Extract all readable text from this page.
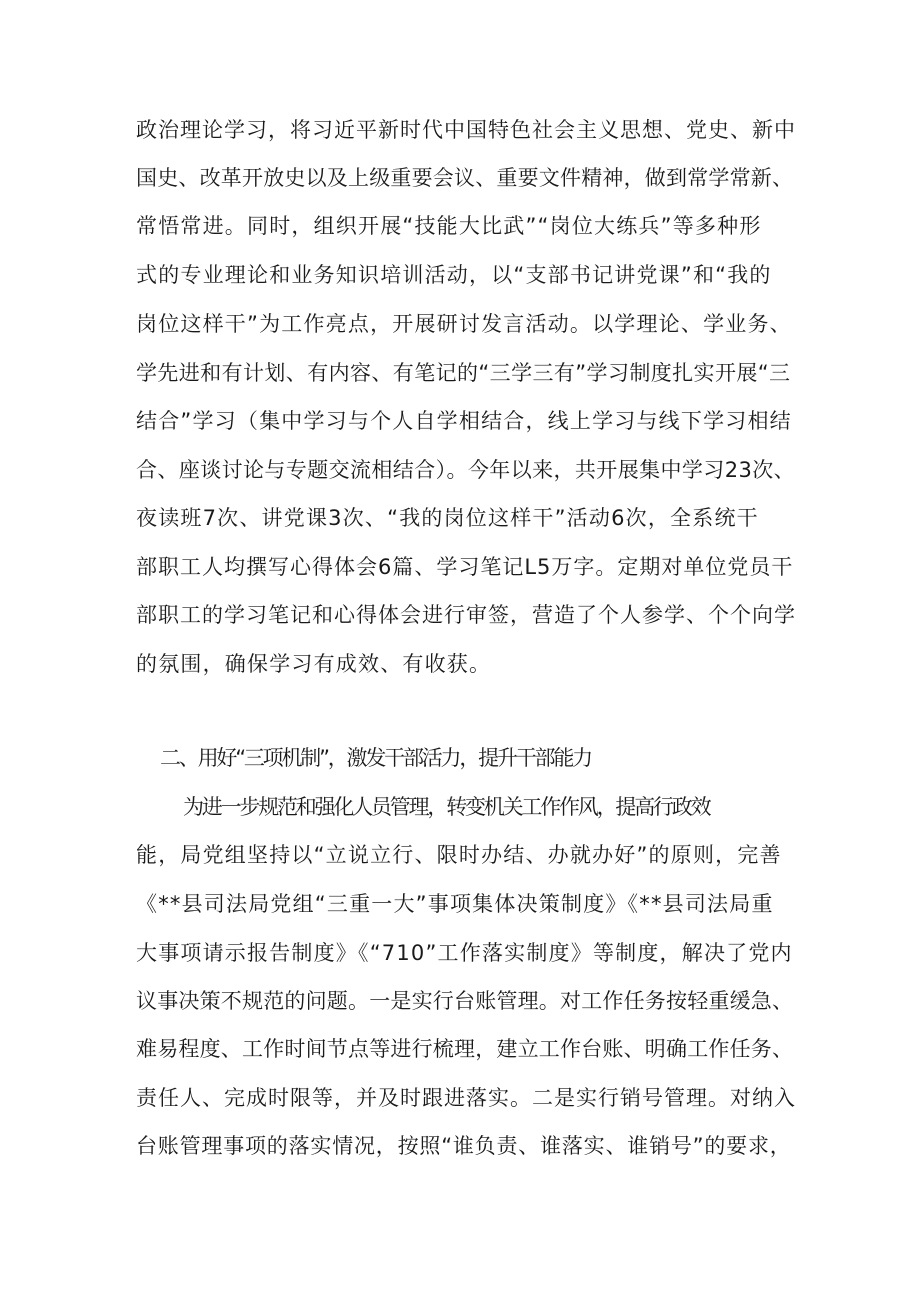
政治理论学习，将习近平新时代中国特色社会主义思想、党史、新中
国史、改革开放史以及上级重要会议、重要文件精神，做到常学常新、
常悟常进。同时，组织开展“技能大比武”“岗位大练兵”等多种形
式的专业理论和业务知识培训活动，以“支部书记讲党课”和“我的
岗位这样干”为工作亮点，开展研讨发言活动。以学理论、学业务、
学先进和有计划、有内容、有笔记的“三学三有”学习制度扎实开展“三
结合”学习（集中学习与个人自学相结合，线上学习与线下学习相结
合、座谈讨论与专题交流相结合）。今年以来，共开展集中学习23次、
夜读班7次、讲党课3次、“我的岗位这样干”活动6次，全系统干
部职工人均撰写心得体会6篇、学习笔记L5万字。定期对单位党员干
部职工的学习笔记和心得体会进行审签，营造了个人参学、个个向学
的氛围，确保学习有成效、有收获。
二、用好“三项机制”，激发干部活力，提升干部能力
为进一步规范和强化人员管理，转变机关工作作风，提高行政效
能，局党组坚持以“立说立行、限时办结、办就办好”的原则，完善
《**县司法局党组“三重一大”事项集体决策制度》《**县司法局重
大事项请示报告制度》《“710”工作落实制度》等制度，解决了党内
议事决策不规范的问题。一是实行台账管理。对工作任务按轻重缓急、
难易程度、工作时间节点等进行梳理，建立工作台账、明确工作任务、
责任人、完成时限等，并及时跟进落实。二是实行销号管理。对纳入
台账管理事项的落实情况，按照“谁负责、谁落实、谁销号”的要求，
